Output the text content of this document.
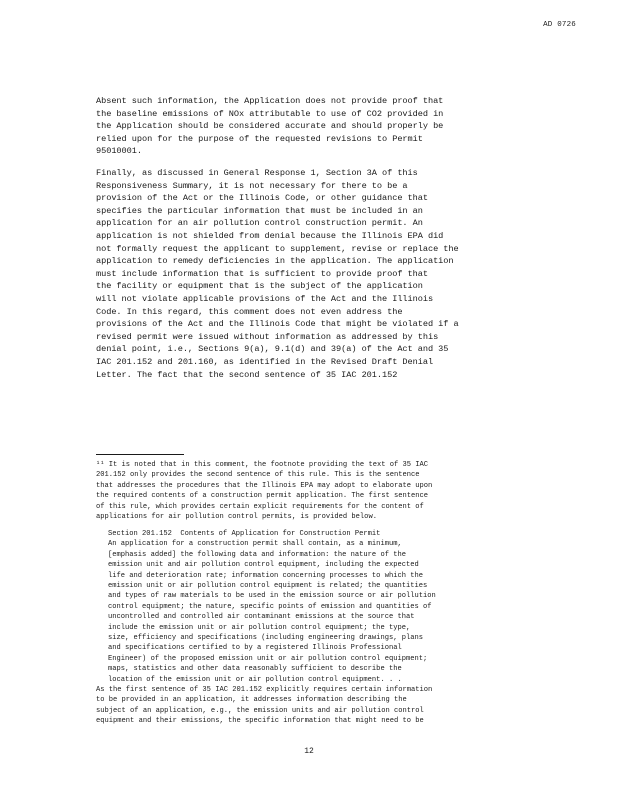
AD 0726

Absent such information, the Application does not provide proof that
the baseline emissions of NOx attributable to use of CO2 provided in
the Application should be considered accurate and should properly be
relied upon for the purpose of the requested revisions to Permit
95010001.

Finally, as discussed in General Response 1, Section 3A of this
Responsiveness Summary, it is not necessary for there to be a
provision of the Act or the Illinois Code, or other guidance that
specifies the particular information that must be included in an
application for an air pollution control construction permit. An
application is not shielded from denial because the Illinois EPA did
not formally request the applicant to supplement, revise or replace the
application to remedy deficiencies in the application. The application
must include information that is sufficient to provide proof that
the facility or equipment that is the subject of the application
will not violate applicable provisions of the Act and the Illinois
Code. In this regard, this comment does not even address the
provisions of the Act and the Illinois Code that might be violated if a
revised permit were issued without information as addressed by this
denial point, i.e., Sections 9(a), 9.1(d) and 39(a) of the Act and 35
IAC 201.152 and 201.160, as identified in the Revised Draft Denial
Letter. The fact that the second sentence of 35 IAC 201.152

¹¹ It is noted that in this comment, the footnote providing the text of 35 IAC
201.152 only provides the second sentence of this rule. This is the sentence
that addresses the procedures that the Illinois EPA may adopt to elaborate upon
the required contents of a construction permit application. The first sentence
of this rule, which provides certain explicit requirements for the content of
applications for air pollution control permits, is provided below.

Section 201.152  Contents of Application for Construction Permit
An application for a construction permit shall contain, as a minimum,
[emphasis added] the following data and information: the nature of the
emission unit and air pollution control equipment, including the expected
life and deterioration rate; information concerning processes to which the
emission unit or air pollution control equipment is related; the quantities
and types of raw materials to be used in the emission source or air pollution
control equipment; the nature, specific points of emission and quantities of
uncontrolled and controlled air contaminant emissions at the source that
include the emission unit or air pollution control equipment; the type,
size, efficiency and specifications (including engineering drawings, plans
and specifications certified to by a registered Illinois Professional
Engineer) of the proposed emission unit or air pollution control equipment;
maps, statistics and other data reasonably sufficient to describe the
location of the emission unit or air pollution control equipment. . .

As the first sentence of 35 IAC 201.152 explicitly requires certain information
to be provided in an application, it addresses information describing the
subject of an application, e.g., the emission units and air pollution control
equipment and their emissions, the specific information that might need to be

12
